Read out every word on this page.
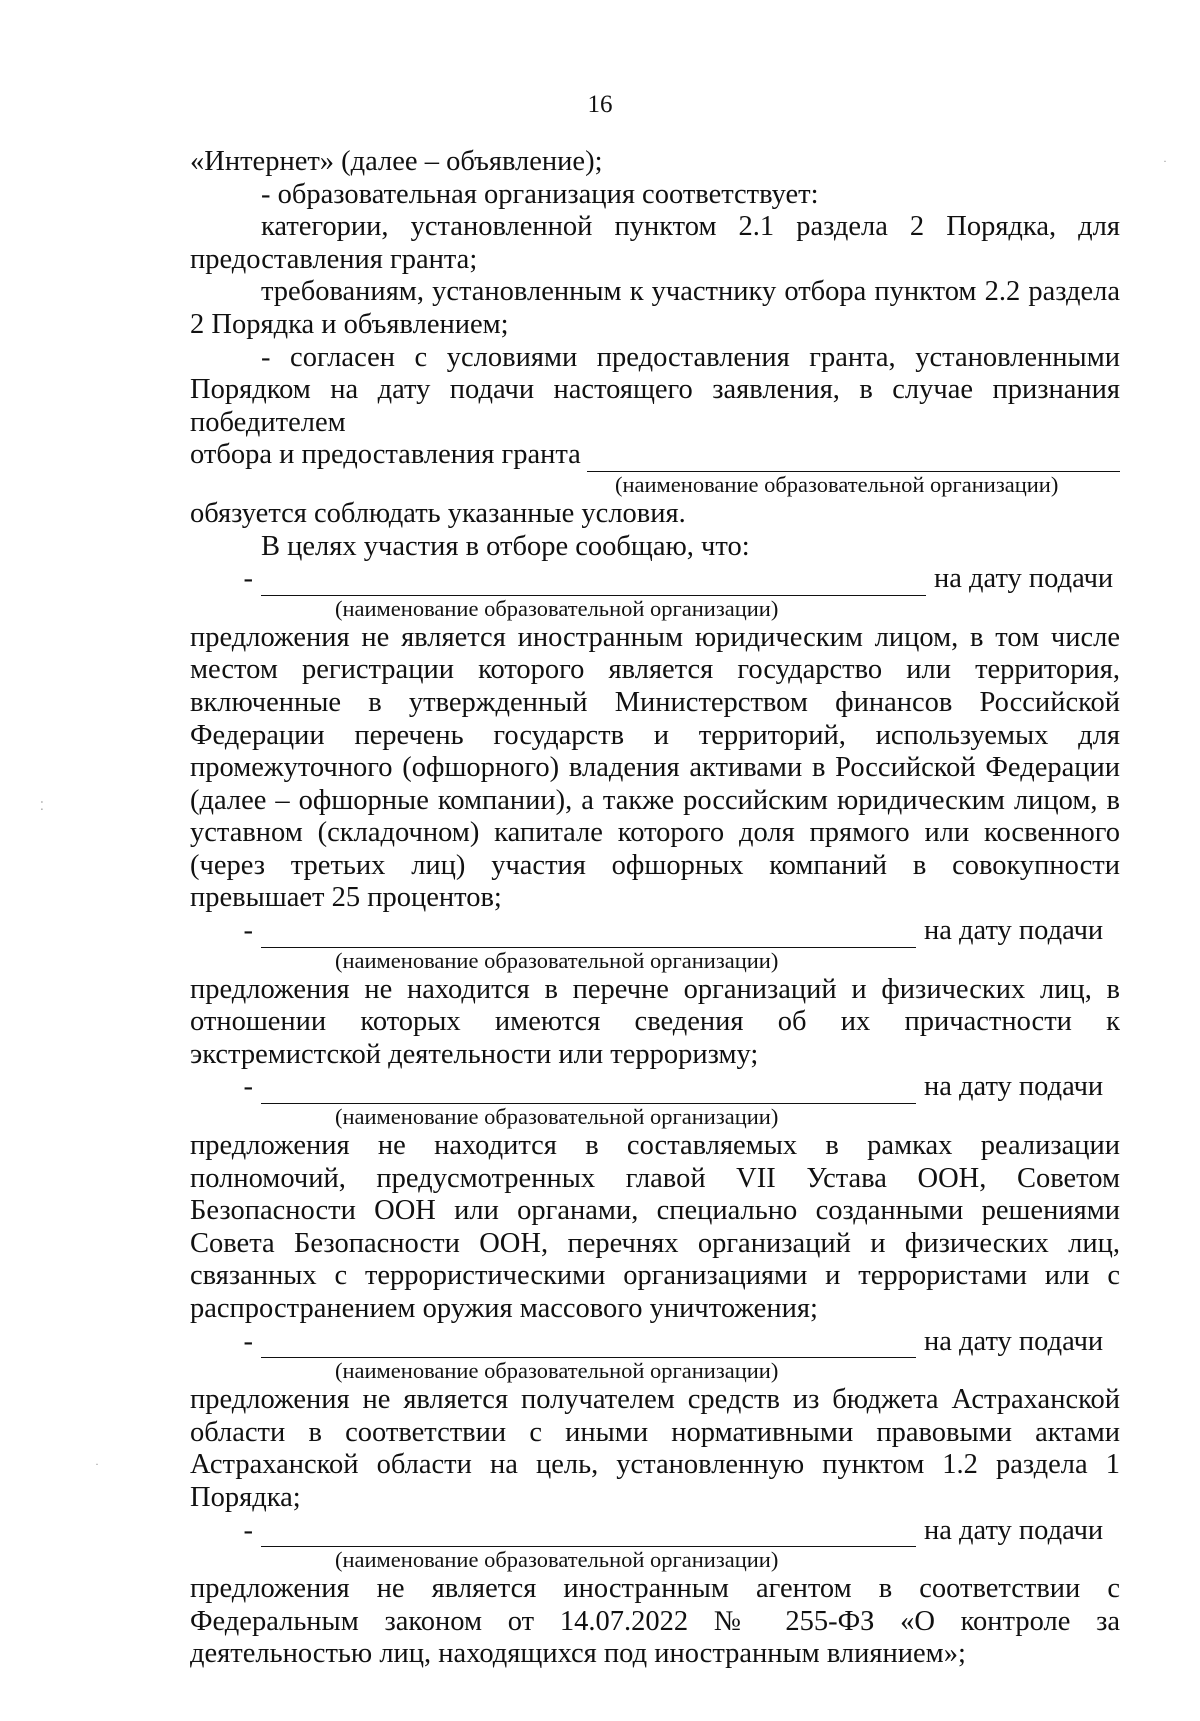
16

«Интернет» (далее – объявление);

- образовательная организация соответствует:

категории, установленной пунктом 2.1 раздела 2 Порядка, для предоставления гранта;

требованиям, установленным к участнику отбора пунктом 2.2 раздела 2 Порядка и объявлением;

- согласен с условиями предоставления гранта, установленными Порядком на дату подачи настоящего заявления, в случае признания победителем

отбора и предоставления гранта

(наименование образовательной организации)

обязуется соблюдать указанные условия.

В целях участия в отборе сообщаю, что:

-	на дату подачи

(наименование образовательной организации)

предложения не является иностранным юридическим лицом, в том числе местом регистрации которого является государство или территория, включенные в утвержденный Министерством финансов Российской Федерации перечень государств и территорий, используемых для промежуточного (офшорного) владения активами в Российской Федерации (далее – офшорные компании), а также российским юридическим лицом, в уставном (складочном) капитале которого доля прямого или косвенного (через третьих лиц) участия офшорных компаний в совокупности превышает 25 процентов;

-	на дату подачи

(наименование образовательной организации)

предложения не находится в перечне организаций и физических лиц, в отношении которых имеются сведения об их причастности к экстремистской деятельности или терроризму;

-	на дату подачи

(наименование образовательной организации)

предложения не находится в составляемых в рамках реализации полномочий, предусмотренных главой VII Устава ООН, Советом Безопасности ООН или органами, специально созданными решениями Совета Безопасности ООН, перечнях организаций и физических лиц, связанных с террористическими организациями и террористами или с распространением оружия массового уничтожения;

-	на дату подачи

(наименование образовательной организации)

предложения не является получателем средств из бюджета Астраханской области в соответствии с иными нормативными правовыми актами Астраханской области на цель, установленную пунктом 1.2 раздела 1 Порядка;

-	на дату подачи

(наименование образовательной организации)

предложения не является иностранным агентом в соответствии с Федеральным законом от 14.07.2022 № 255-ФЗ «О контроле за деятельностью лиц, находящихся под иностранным влиянием»;

·
⁚
·
